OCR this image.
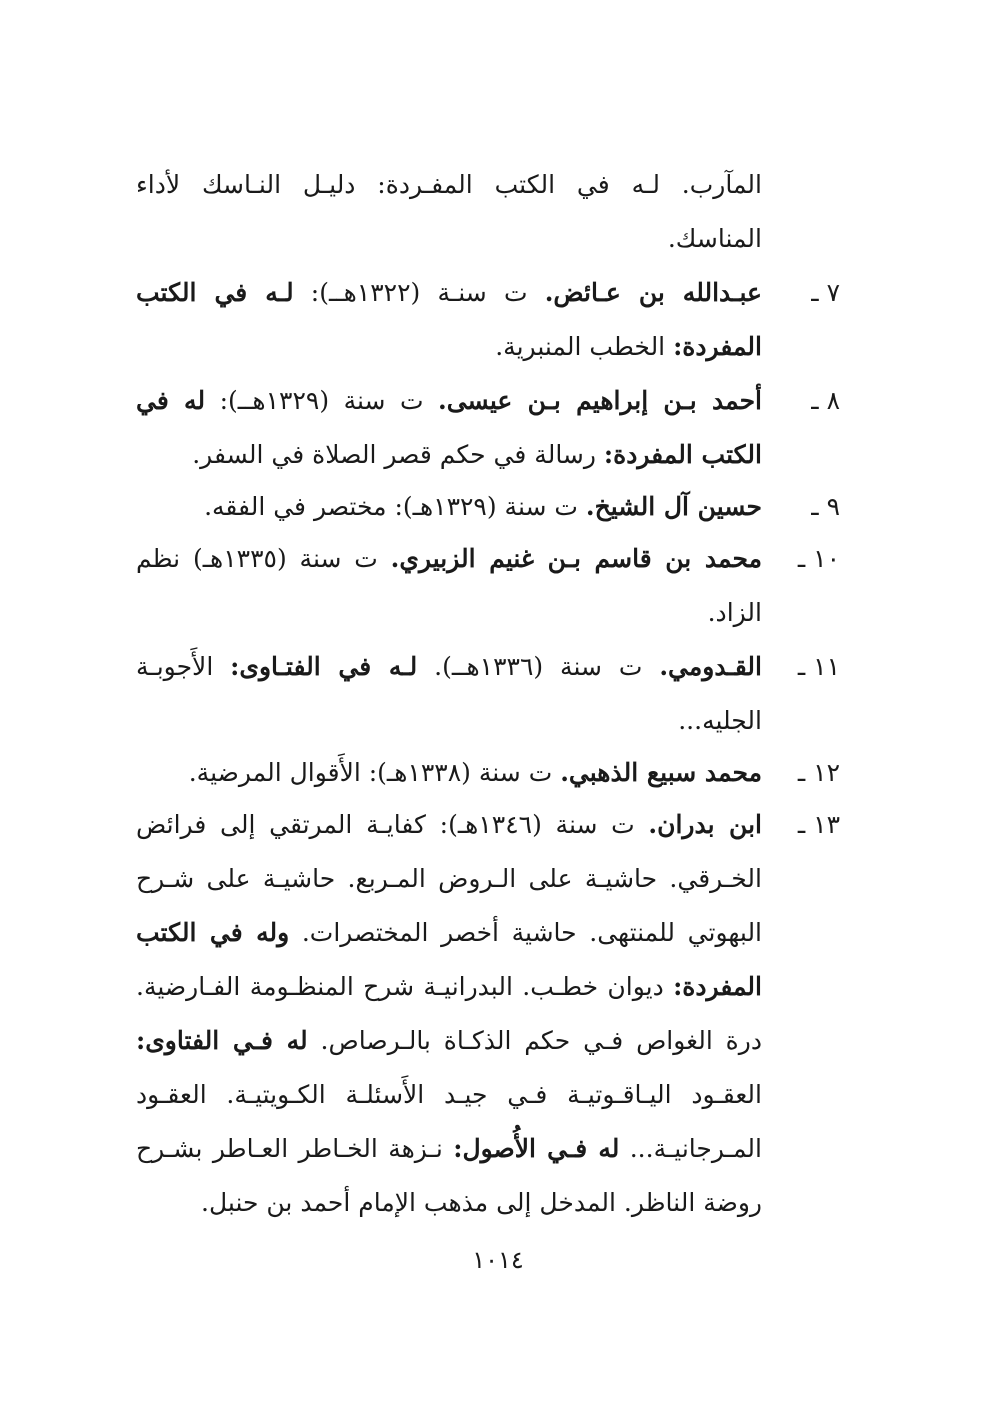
المآرب. لـه في الكتب المفـردة: دليـل النـاسك لأداء المناسك.

٧ ـ
عبـدالله بن عـائض. ت سنـة (١٣٢٢هــ): لـه في الكتب المفردة: الخطب المنبرية.
٨ ـ
أحمد بـن إبراهيم بـن عيسى. ت سنة (١٣٢٩هــ): له في الكتب المفردة: رسالة في حكم قصر الصلاة في السفر.
٩ ـ
حسين آل الشيخ. ت سنة (١٣٢٩هـ): مختصر في الفقه.
١٠ ـ
محمد بن قاسم بـن غنيم الزبيري. ت سنة (١٣٣٥هـ) نظم الزاد.
١١ ـ
القـدومي. ت سنة (١٣٣٦هــ). لـه في الفتـاوى: الأَجوبـة الجليه...
١٢ ـ
محمد سبيع الذهبي. ت سنة (١٣٣٨هـ): الأَقوال المرضية.
١٣ ـ
ابن بدران. ت سنة (١٣٤٦هـ): كفايـة المرتقي إلى فرائض الخـرقي. حاشيـة على الـروض المـربع. حاشيـة على شـرح البهوتي للمنتهى. حاشية أخصر المختصرات. وله في الكتب المفردة: ديوان خطـب. البدرانيـة شرح المنظـومة الفـارضية. درة الغواص فـي حكم الذكـاة بالـرصاص. له فـي الفتاوى: العقـود اليـاقـوتيـة فـي جيـد الأَسئلـة الكـويتيـة. العقـود المـرجانيـة... له فـي الأُصول: نـزهة الخـاطر العـاطر بشـرح روضة الناظر. المدخل إلى مذهب الإمام أحمد بن حنبل.
١٠١٤
